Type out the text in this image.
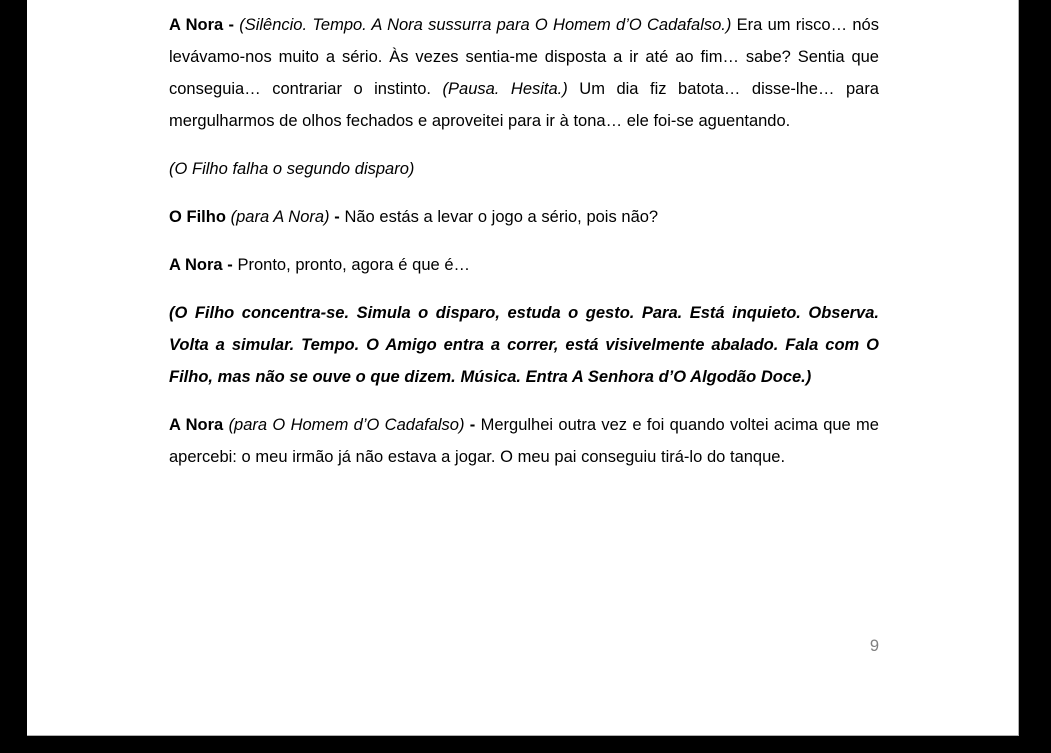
A Nora - (Silêncio. Tempo. A Nora sussurra para O Homem d’O Cadafalso.) Era um risco… nós levávamo-nos muito a sério. Às vezes sentia-me disposta a ir até ao fim… sabe? Sentia que conseguia… contrariar o instinto. (Pausa. Hesita.) Um dia fiz batota… disse-lhe… para mergulharmos de olhos fechados e aproveitei para ir à tona… ele foi-se aguentando.

(O Filho falha o segundo disparo)

O Filho (para A Nora) - Não estás a levar o jogo a sério, pois não?

A Nora - Pronto, pronto, agora é que é…

(O Filho concentra-se. Simula o disparo, estuda o gesto. Para. Está inquieto. Observa. Volta a simular. Tempo. O Amigo entra a correr, está visivelmente abalado. Fala com O Filho, mas não se ouve o que dizem. Música. Entra A Senhora d’O Algodão Doce.)

A Nora (para O Homem d’O Cadafalso) - Mergulhei outra vez e foi quando voltei acima que me apercebi: o meu irmão já não estava a jogar. O meu pai conseguiu tirá-lo do tanque.

9
